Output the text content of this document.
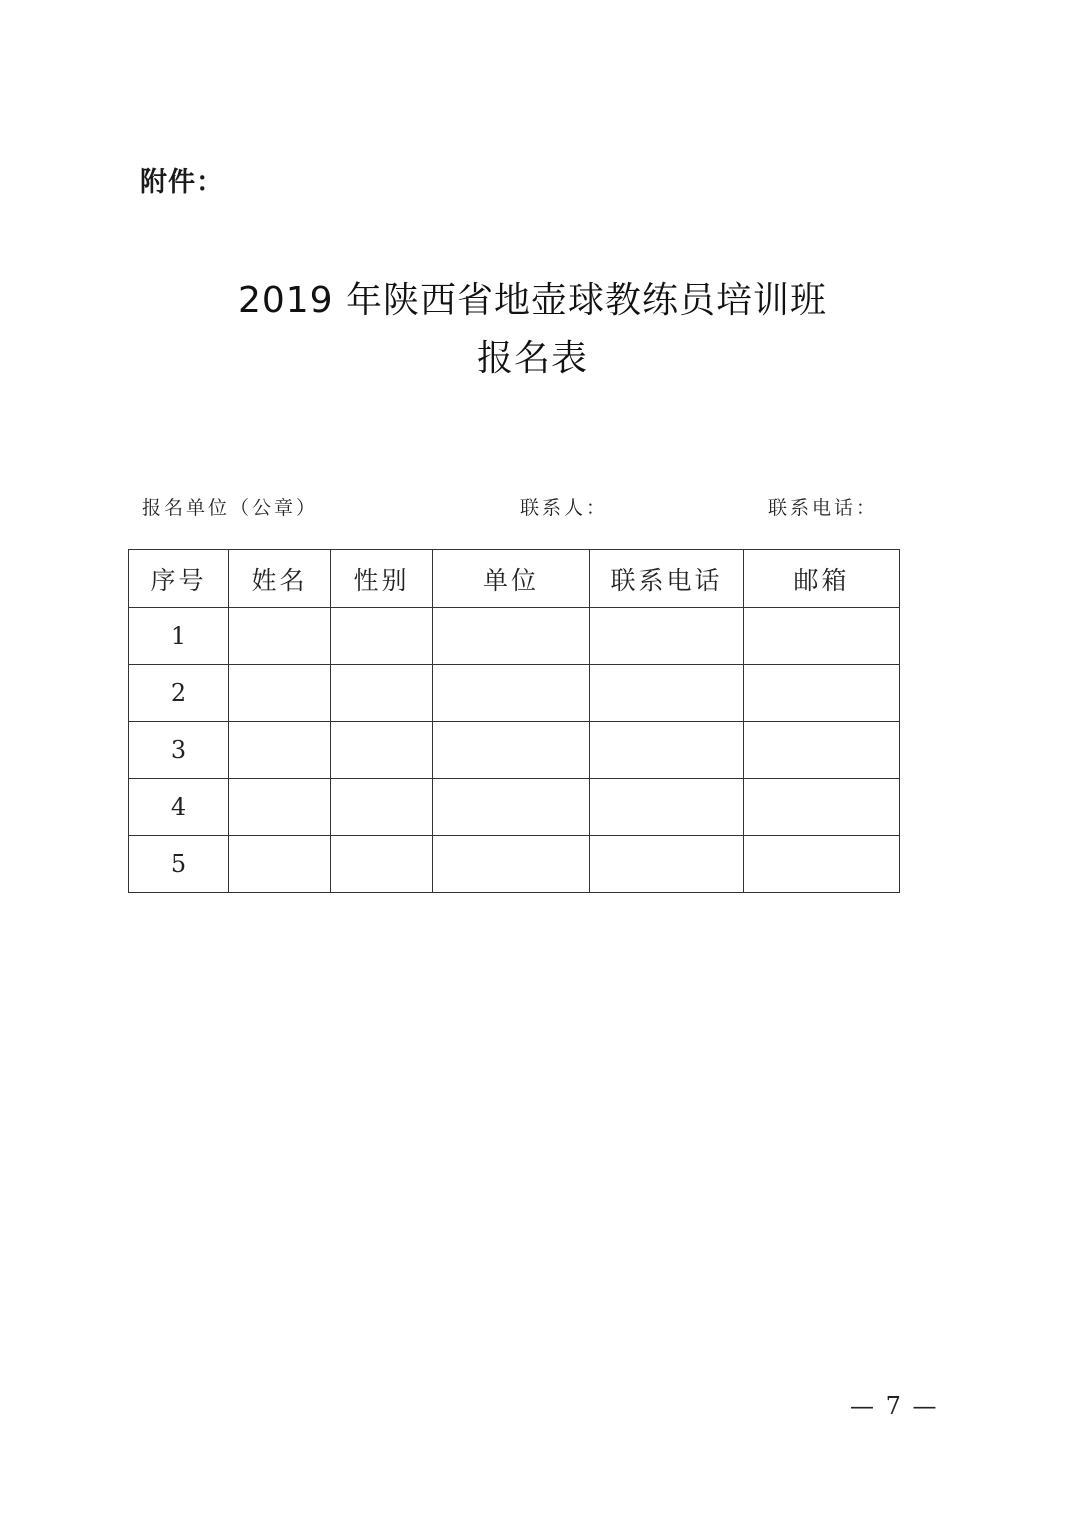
附件：
2019 年陕西省地壶球教练员培训班
报名表
报名单位（公章）	联系人：	联系电话：
序号	姓名	性别	单位	联系电话	邮箱
1					
2					
3					
4					
5					
— 7 —
